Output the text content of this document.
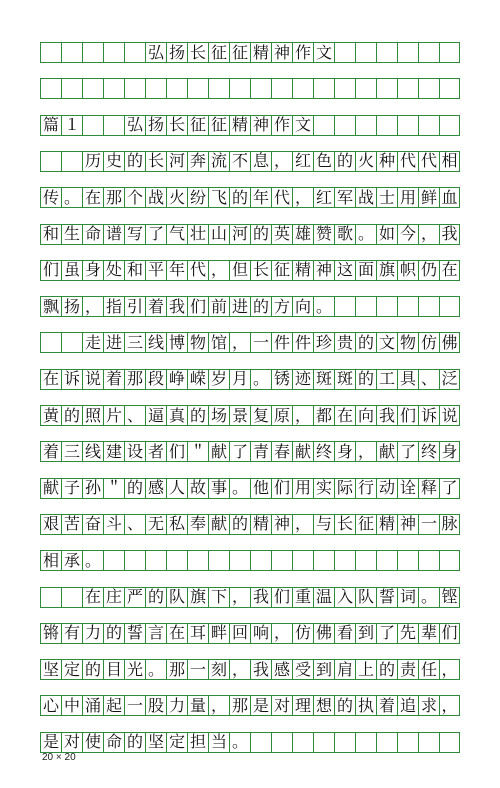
弘 扬 长 征 征 精 神 作 文
篇 １	弘 扬 长 征 征 精 神 作 文
历 史 的 长 河 奔 流 不 息 ， 红 色 的 火 种 代 代 相
传 。 在 那 个 战 火 纷 飞 的 年 代 ， 红 军 战 士 用 鲜 血
和 生 命 谱 写 了 气 壮 山 河 的 英 雄 赞 歌 。 如 今 ， 我
们 虽 身 处 和 平 年 代 ， 但 长 征 精 神 这 面 旗 帜 仍 在
飘 扬 ， 指 引 着 我 们 前 进 的 方 向 。
走 进 三 线 博 物 馆 ， 一 件 件 珍 贵 的 文 物 仿 佛
在 诉 说 着 那 段 峥 嵘 岁 月 。 锈 迹 斑 斑 的 工 具 、 泛
黄 的 照 片 、 逼 真 的 场 景 复 原 ， 都 在 向 我 们 诉 说
着 三 线 建 设 者 们 ＂ 献 了 青 春 献 终 身 ， 献 了 终 身
献 子 孙 ＂ 的 感 人 故 事 。 他 们 用 实 际 行 动 诠 释 了
艰 苦 奋 斗 、 无 私 奉 献 的 精 神 ， 与 长 征 精 神 一 脉
相 承 。
在 庄 严 的 队 旗 下 ， 我 们 重 温 入 队 誓 词 。 铿
锵 有 力 的 誓 言 在 耳 畔 回 响 ， 仿 佛 看 到 了 先 辈 们
坚 定 的 目 光 。 那 一 刻 ， 我 感 受 到 肩 上 的 责 任 ，
心 中 涌 起 一 股 力 量 ， 那 是 对 理 想 的 执 着 追 求 ，
是 对 使 命 的 坚 定 担 当 。
20 × 20
